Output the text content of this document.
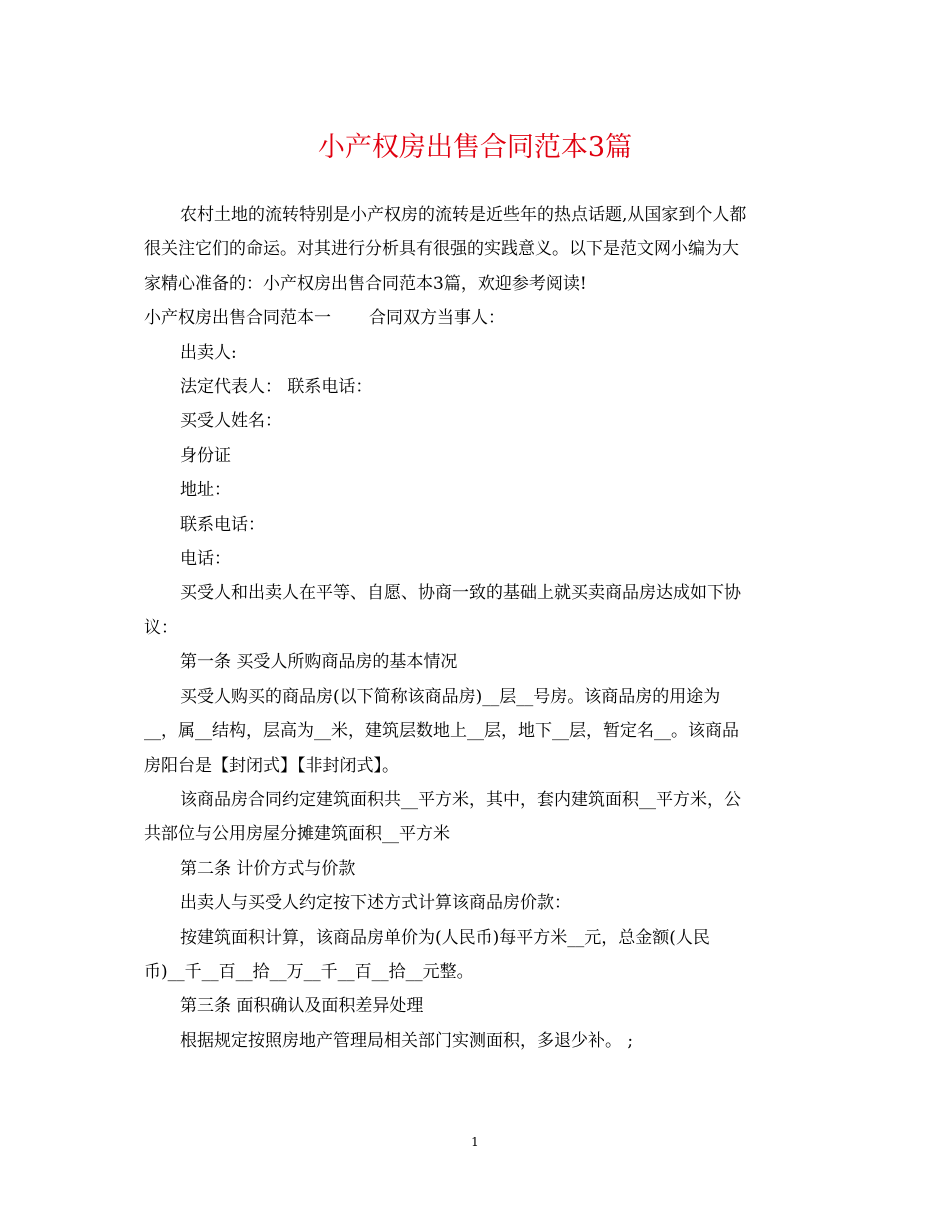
小产权房出售合同范本3篇

农村土地的流转特别是小产权房的流转是近些年的热点话题,从国家到个人都

很关注它们的命运。对其进行分析具有很强的实践意义。以下是范文网小编为大

家精心准备的：小产权房出售合同范本3篇，欢迎参考阅读!

小产权房出售合同范本一 合同双方当事人：

出卖人:

法定代表人： 联系电话：

买受人姓名：

身份证

地址：

联系电话：

电话：

买受人和出卖人在平等、自愿、协商一致的基础上就买卖商品房达成如下协

议：

第一条 买受人所购商品房的基本情况

买受人购买的商品房(以下简称该商品房)__层__号房。该商品房的用途为

__，属__结构，层高为__米，建筑层数地上__层，地下__层，暂定名__。该商品

房阳台是【封闭式】【非封闭式】。

该商品房合同约定建筑面积共__平方米，其中，套内建筑面积__平方米，公

共部位与公用房屋分摊建筑面积__平方米

第二条 计价方式与价款

出卖人与买受人约定按下述方式计算该商品房价款：

按建筑面积计算，该商品房单价为(人民币)每平方米__元，总金额(人民

币)__千__百__拾__万__千__百__拾__元整。

第三条 面积确认及面积差异处理

根据规定按照房地产管理局相关部门实测面积，多退少补。 ;

1
